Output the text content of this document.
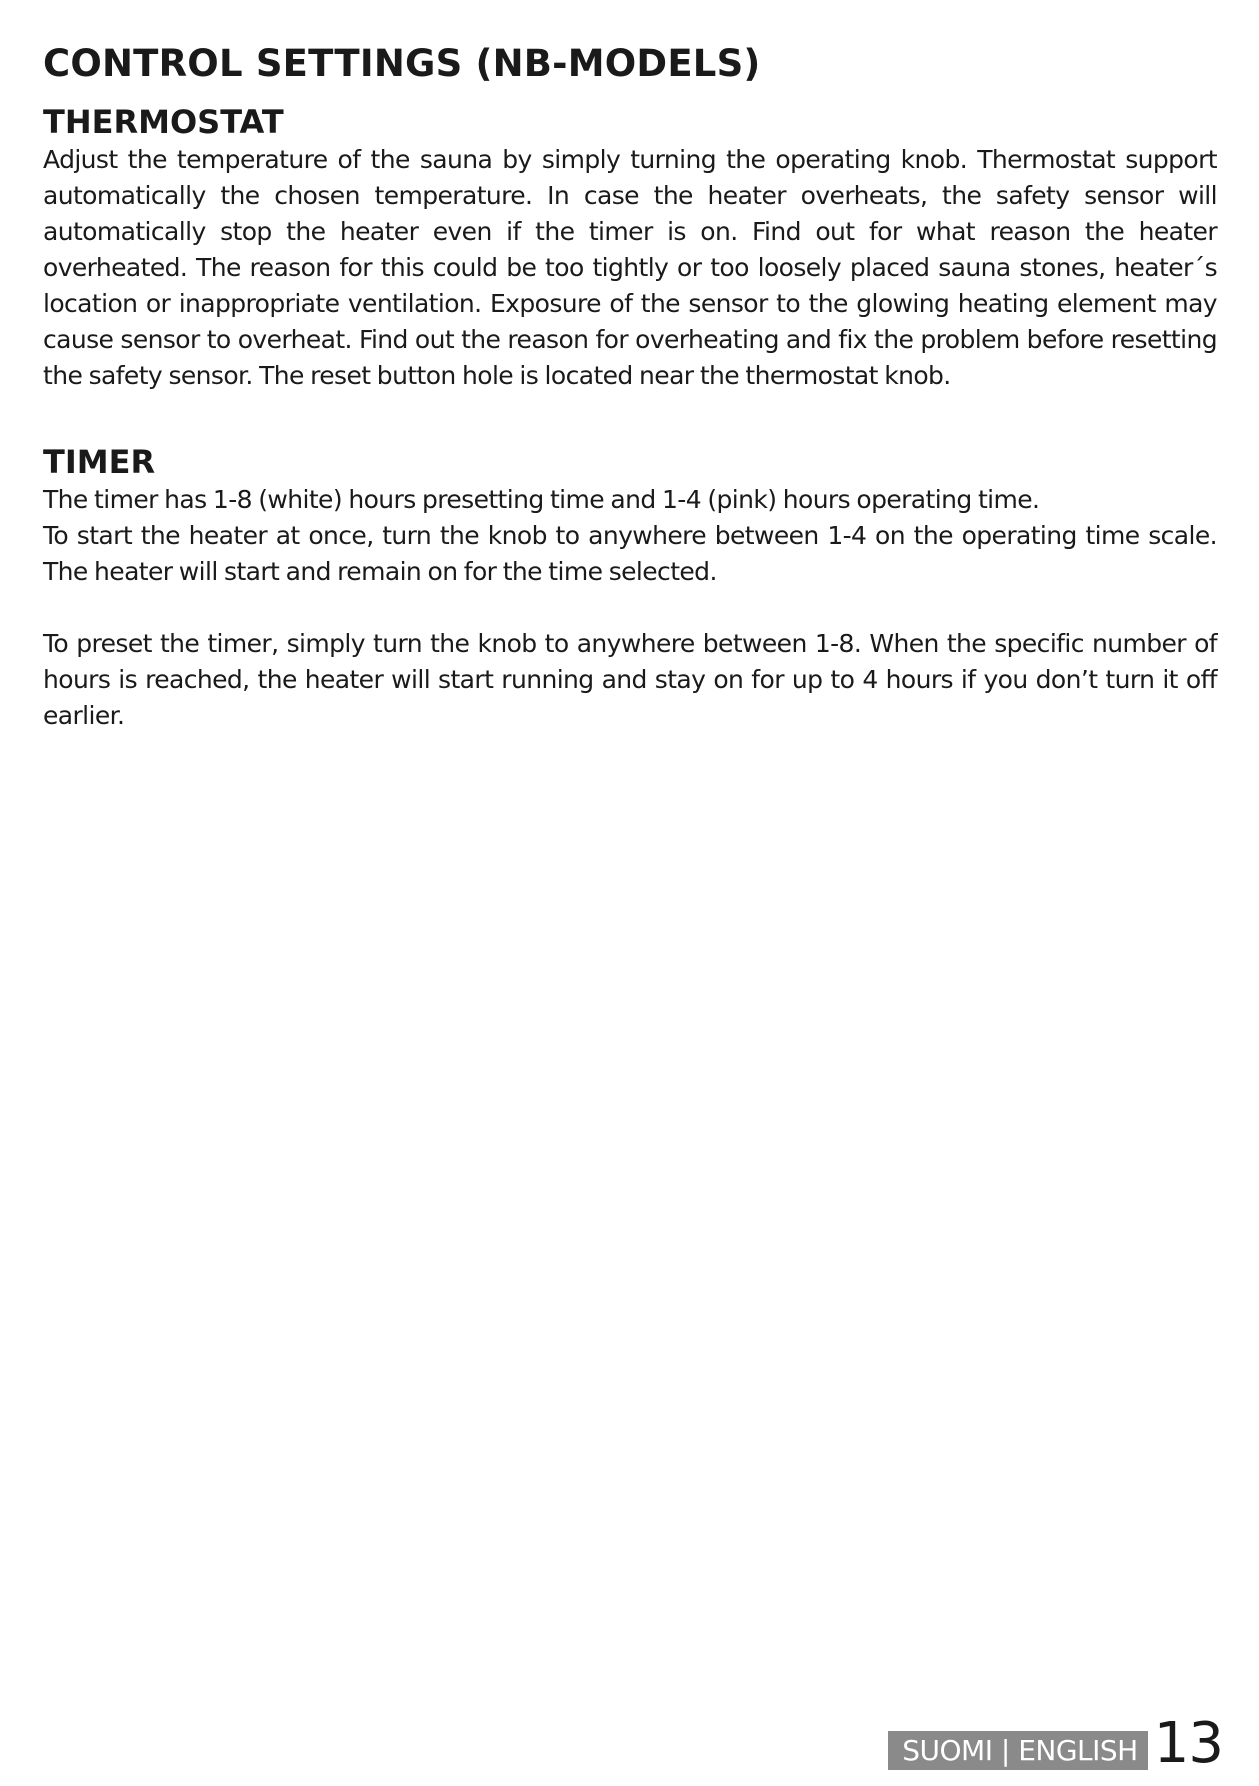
CONTROL SETTINGS (NB-MODELS)
THERMOSTAT

Adjust the temperature of the sauna by simply turning the operating knob. Thermostat support automatically the chosen temperature. In case the heater overheats, the safety sensor will automatically stop the heater even if the timer is on. Find out for what reason the heater overheated. The reason for this could be too tightly or too loosely placed sauna stones, heater´s location or inappropriate ventilation. Exposure of the sensor to the glowing heating element may cause sensor to overheat. Find out the reason for overheating and fix the problem before resetting the safety sensor. The reset button hole is located near the thermostat knob.

TIMER

The timer has 1-8 (white) hours presetting time and 1-4 (pink) hours operating time.

To start the heater at once, turn the knob to anywhere between 1-4 on the operating time scale. The heater will start and remain on for the time selected.

To preset the timer, simply turn the knob to anywhere between 1-8. When the specific number of hours is reached, the heater will start running and stay on for up to 4 hours if you don’t turn it off earlier.

SUOMI | ENGLISH 13
